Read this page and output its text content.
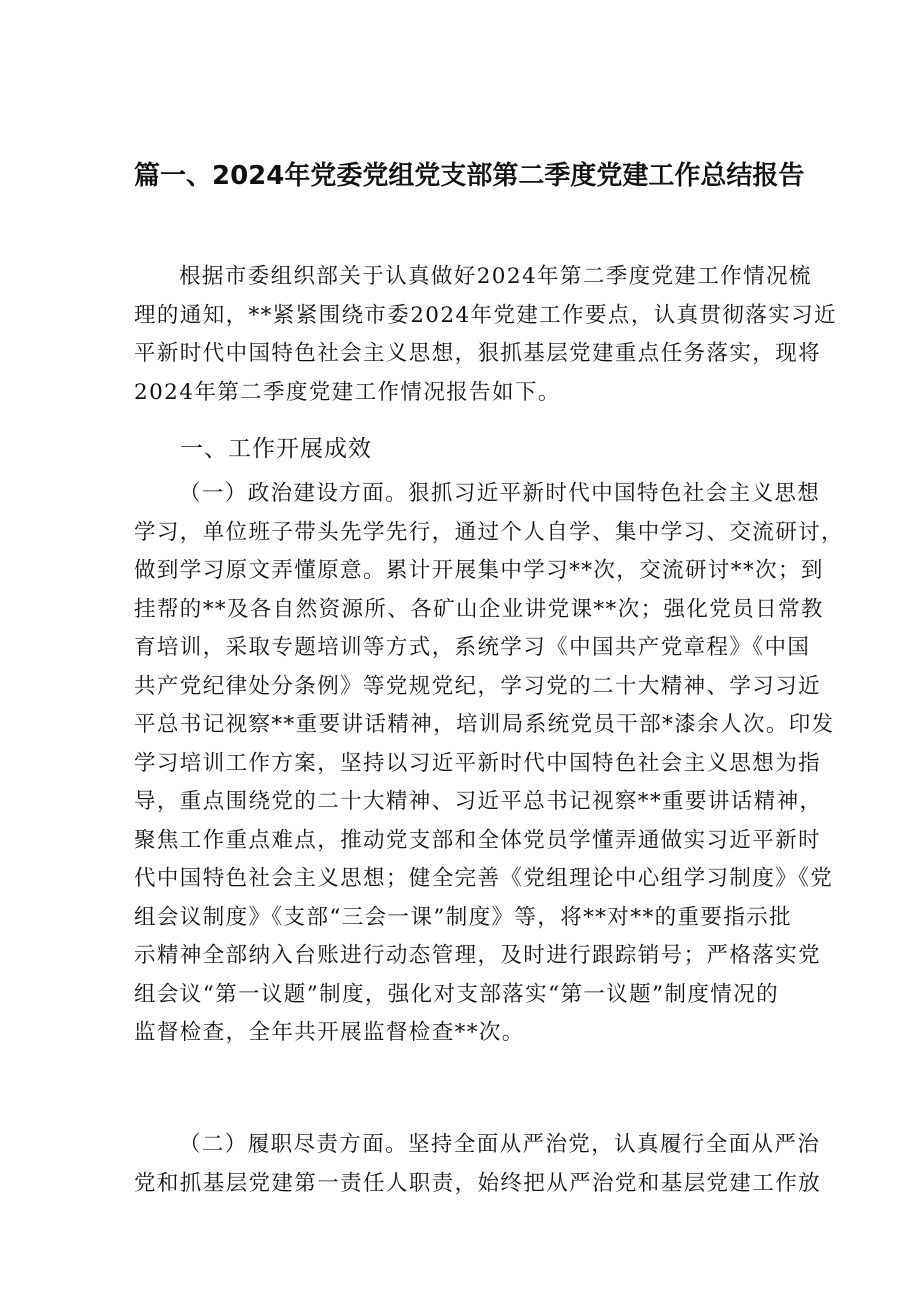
篇一、2024年党委党组党支部第二季度党建工作总结报告
根据市委组织部关于认真做好2024年第二季度党建工作情况梳
理的通知，**紧紧围绕市委2024年党建工作要点，认真贯彻落实习近
平新时代中国特色社会主义思想，狠抓基层党建重点任务落实，现将
2024年第二季度党建工作情况报告如下。
一、工作开展成效
（一）政治建设方面。狠抓习近平新时代中国特色社会主义思想
学习，单位班子带头先学先行，通过个人自学、集中学习、交流研讨，
做到学习原文弄懂原意。累计开展集中学习**次，交流研讨**次；到
挂帮的**及各自然资源所、各矿山企业讲党课**次；强化党员日常教
育培训，采取专题培训等方式，系统学习《中国共产党章程》《中国
共产党纪律处分条例》等党规党纪，学习党的二十大精神、学习习近
平总书记视察**重要讲话精神，培训局系统党员干部*漆余人次。印发
学习培训工作方案，坚持以习近平新时代中国特色社会主义思想为指
导，重点围绕党的二十大精神、习近平总书记视察**重要讲话精神，
聚焦工作重点难点，推动党支部和全体党员学懂弄通做实习近平新时
代中国特色社会主义思想；健全完善《党组理论中心组学习制度》《党
组会议制度》《支部“三会一课”制度》等，将**对**的重要指示批
示精神全部纳入台账进行动态管理，及时进行跟踪销号；严格落实党
组会议“第一议题”制度，强化对支部落实“第一议题”制度情况的
监督检查，全年共开展监督检查**次。
（二）履职尽责方面。坚持全面从严治党，认真履行全面从严治
党和抓基层党建第一责任人职责，始终把从严治党和基层党建工作放
